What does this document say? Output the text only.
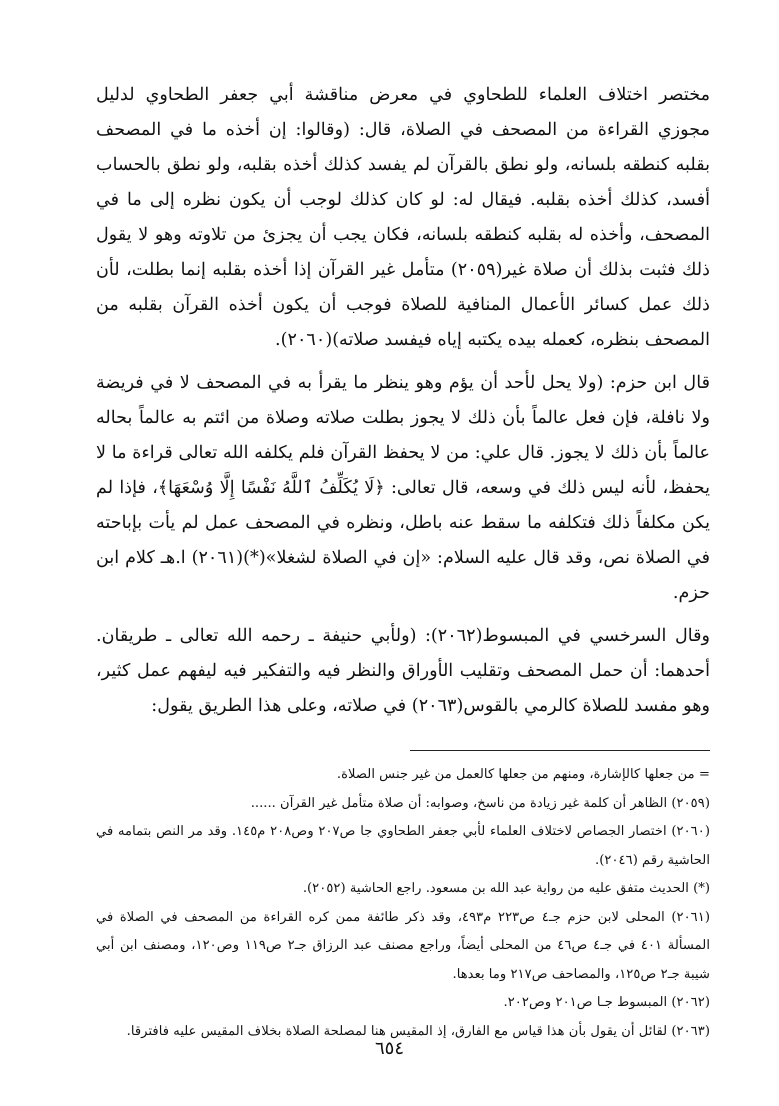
مختصر اختلاف العلماء للطحاوي في معرض مناقشة أبي جعفر الطحاوي لدليل مجوزي القراءة من المصحف في الصلاة، قال: (وقالوا: إن أخذه ما في المصحف بقلبه كنطقه بلسانه، ولو نطق بالقرآن لم يفسد كذلك أخذه بقلبه، ولو نطق بالحساب أفسد، كذلك أخذه بقلبه. فيقال له: لو كان كذلك لوجب أن يكون نظره إلى ما في المصحف، وأخذه له بقلبه كنطقه بلسانه، فكان يجب أن يجزئ من تلاوته وهو لا يقول ذلك فثبت بذلك أن صلاة غير(٢٠٥٩) متأمل غير القرآن إذا أخذه بقلبه إنما بطلت، لأن ذلك عمل كسائر الأعمال المنافية للصلاة فوجب أن يكون أخذه القرآن بقلبه من المصحف بنظره، كعمله بيده يكتبه إياه فيفسد صلاته)(٢٠٦٠).

قال ابن حزم: (ولا يحل لأحد أن يؤم وهو ينظر ما يقرأ به في المصحف لا في فريضة ولا نافلة، فإن فعل عالماً بأن ذلك لا يجوز بطلت صلاته وصلاة من ائتم به عالماً بحاله عالماً بأن ذلك لا يجوز. قال علي: من لا يحفظ القرآن فلم يكلفه الله تعالى قراءة ما لا يحفظ، لأنه ليس ذلك في وسعه، قال تعالى: ﴿لَا يُكَلِّفُ ٱللَّهُ نَفْسًا إِلَّا وُسْعَهَا﴾، فإذا لم يكن مكلفاً ذلك فتكلفه ما سقط عنه باطل، ونظره في المصحف عمل لم يأت بإباحته في الصلاة نص، وقد قال عليه السلام: «إن في الصلاة لشغلا»(*)(٢٠٦١) ا.هـ كلام ابن حزم.

وقال السرخسي في المبسوط(٢٠٦٢): (ولأبي حنيفة ـ رحمه الله تعالى ـ طريقان. أحدهما: أن حمل المصحف وتقليب الأوراق والنظر فيه والتفكير فيه ليفهم عمل كثير، وهو مفسد للصلاة كالرمي بالقوس(٢٠٦٣) في صلاته، وعلى هذا الطريق يقول:

= من جعلها كالإشارة، ومنهم من جعلها كالعمل من غير جنس الصلاة.

(٢٠٥٩) الظاهر أن كلمة غير زيادة من ناسخ، وصوابه: أن صلاة متأمل غير القرآن ......

(٢٠٦٠) اختصار الجصاص لاختلاف العلماء لأبي جعفر الطحاوي جا ص٢٠٧ وص٢٠٨ م١٤٥. وقد مر النص بتمامه في الحاشية رقم (٢٠٤٦).

(*) الحديث متفق عليه من رواية عبد الله بن مسعود. راجع الحاشية (٢٠٥٢).

(٢٠٦١) المحلى لابن حزم جـ٤ ص٢٢٣ م٤٩٣، وقد ذكر طائفة ممن كره القراءة من المصحف في الصلاة في المسألة ٤٠١ في جـ٤ ص٤٦ من المحلى أيضاً، وراجع مصنف عبد الرزاق جـ٢ ص١١٩ وص١٢٠، ومصنف ابن أبي شيبة جـ٢ ص١٢٥، والمصاحف ص٢١٧ وما بعدها.

(٢٠٦٢) المبسوط جـا ص٢٠١ وص٢٠٢.

(٢٠٦٣) لقائل أن يقول بأن هذا قياس مع الفارق، إذ المقيس هنا لمصلحة الصلاة بخلاف المقيس عليه فافترقا.

٦٥٤
